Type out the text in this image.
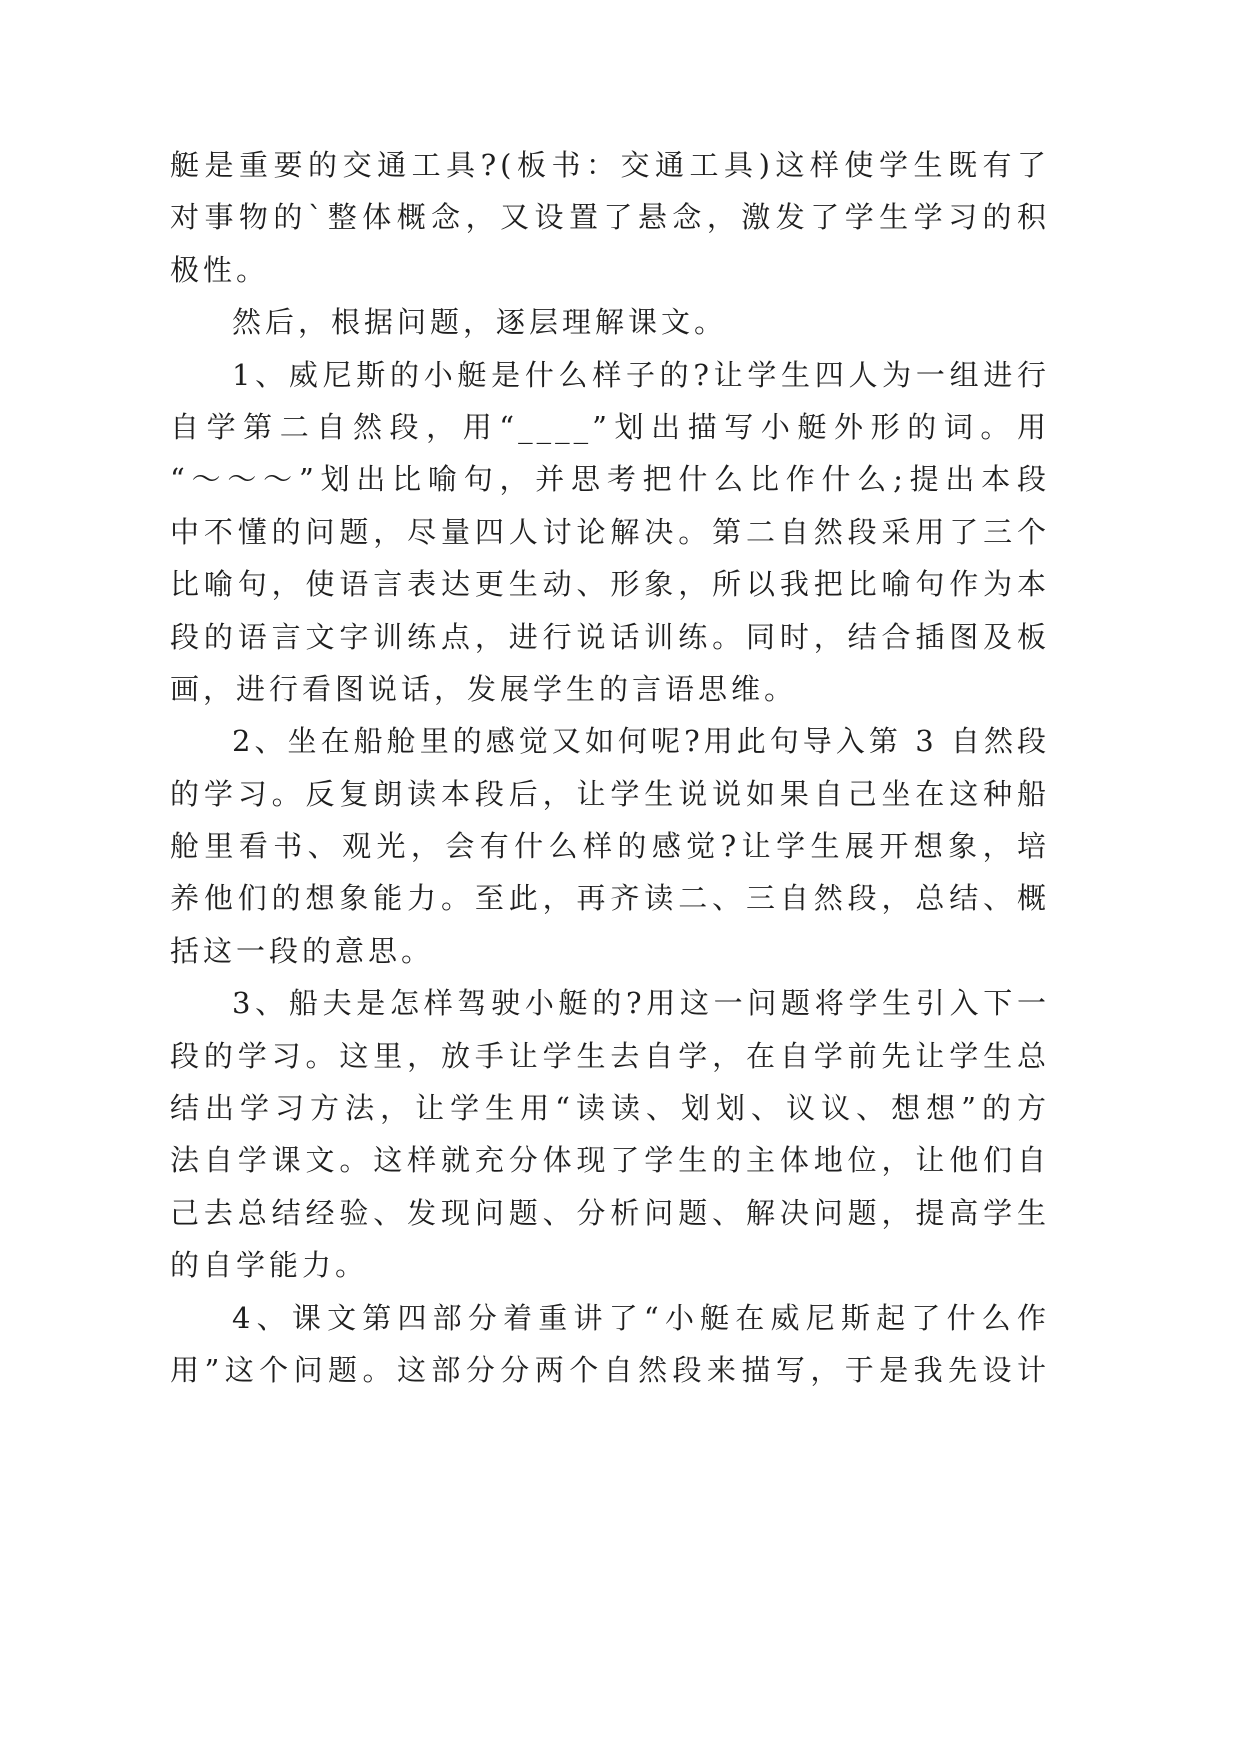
艇是重要的交通工具?(板书：交通工具)这样使学生既有了
对事物的`整体概念，又设置了悬念，激发了学生学习的积
极性。
然后，根据问题，逐层理解课文。
1、威尼斯的小艇是什么样子的?让学生四人为一组进行
自学第二自然段，用“____”划出描写小艇外形的词。用
“～～～”划出比喻句，并思考把什么比作什么;提出本段
中不懂的问题，尽量四人讨论解决。第二自然段采用了三个
比喻句，使语言表达更生动、形象，所以我把比喻句作为本
段的语言文字训练点，进行说话训练。同时，结合插图及板
画，进行看图说话，发展学生的言语思维。
2、坐在船舱里的感觉又如何呢?用此句导入第 3 自然段
的学习。反复朗读本段后，让学生说说如果自己坐在这种船
舱里看书、观光，会有什么样的感觉?让学生展开想象，培
养他们的想象能力。至此，再齐读二、三自然段，总结、概
括这一段的意思。
3、船夫是怎样驾驶小艇的?用这一问题将学生引入下一
段的学习。这里，放手让学生去自学，在自学前先让学生总
结出学习方法，让学生用“读读、划划、议议、想想”的方
法自学课文。这样就充分体现了学生的主体地位，让他们自
己去总结经验、发现问题、分析问题、解决问题，提高学生
的自学能力。
4、课文第四部分着重讲了“小艇在威尼斯起了什么作
用”这个问题。这部分分两个自然段来描写，于是我先设计
